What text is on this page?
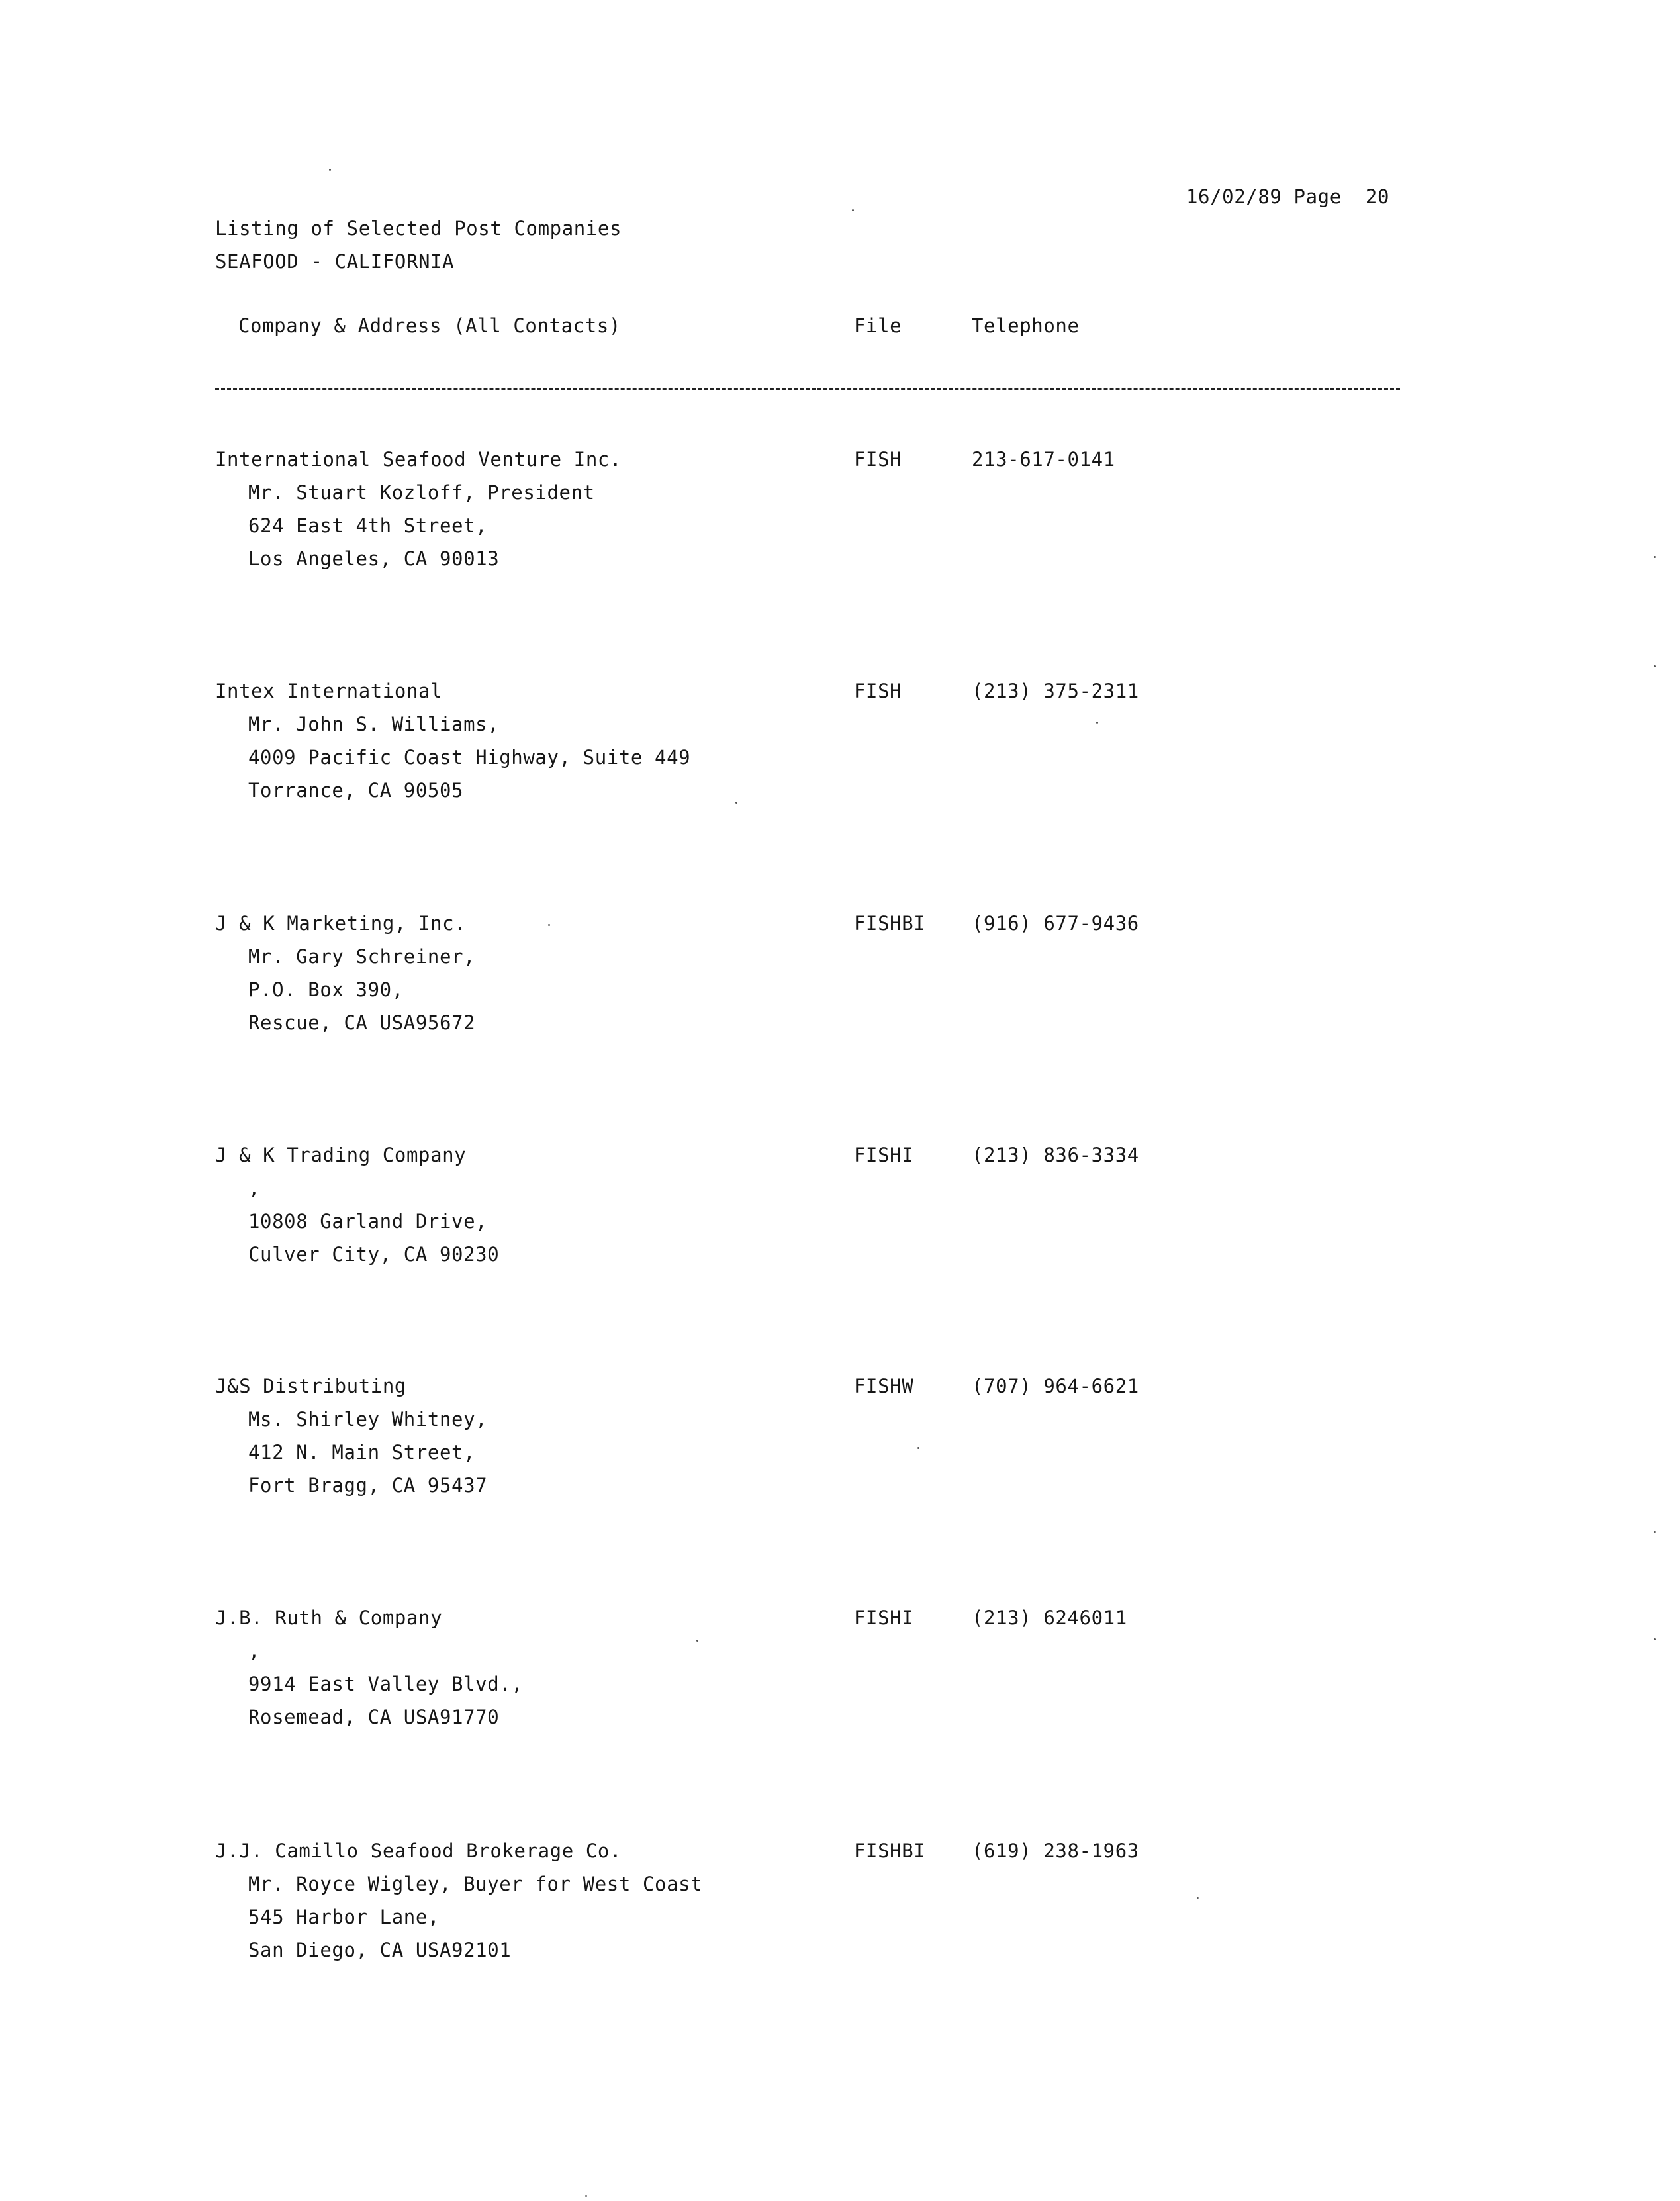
16/02/89 Page  20
Listing of Selected Post Companies
SEAFOOD - CALIFORNIA
Company & Address (All Contacts)	File	Telephone
International Seafood Venture Inc.	FISH	213-617-0141
Mr. Stuart Kozloff, President
624 East 4th Street,
Los Angeles, CA 90013
Intex International	FISH	(213) 375-2311
Mr. John S. Williams,
4009 Pacific Coast Highway, Suite 449
Torrance, CA 90505
J & K Marketing, Inc.	FISHBI (916) 677-9436
Mr. Gary Schreiner,
P.O. Box 390,
Rescue, CA USA95672
J & K Trading Company	FISHI	(213) 836-3334
,
10808 Garland Drive,
Culver City, CA 90230
J&S Distributing	FISHW	(707) 964-6621
Ms. Shirley Whitney,
412 N. Main Street,
Fort Bragg, CA 95437
J.B. Ruth & Company	FISHI	(213) 6246011
,
9914 East Valley Blvd.,
Rosemead, CA USA91770
J.J. Camillo Seafood Brokerage Co.	FISHBI (619) 238-1963
Mr. Royce Wigley, Buyer for West Coast
545 Harbor Lane,
San Diego, CA USA92101
